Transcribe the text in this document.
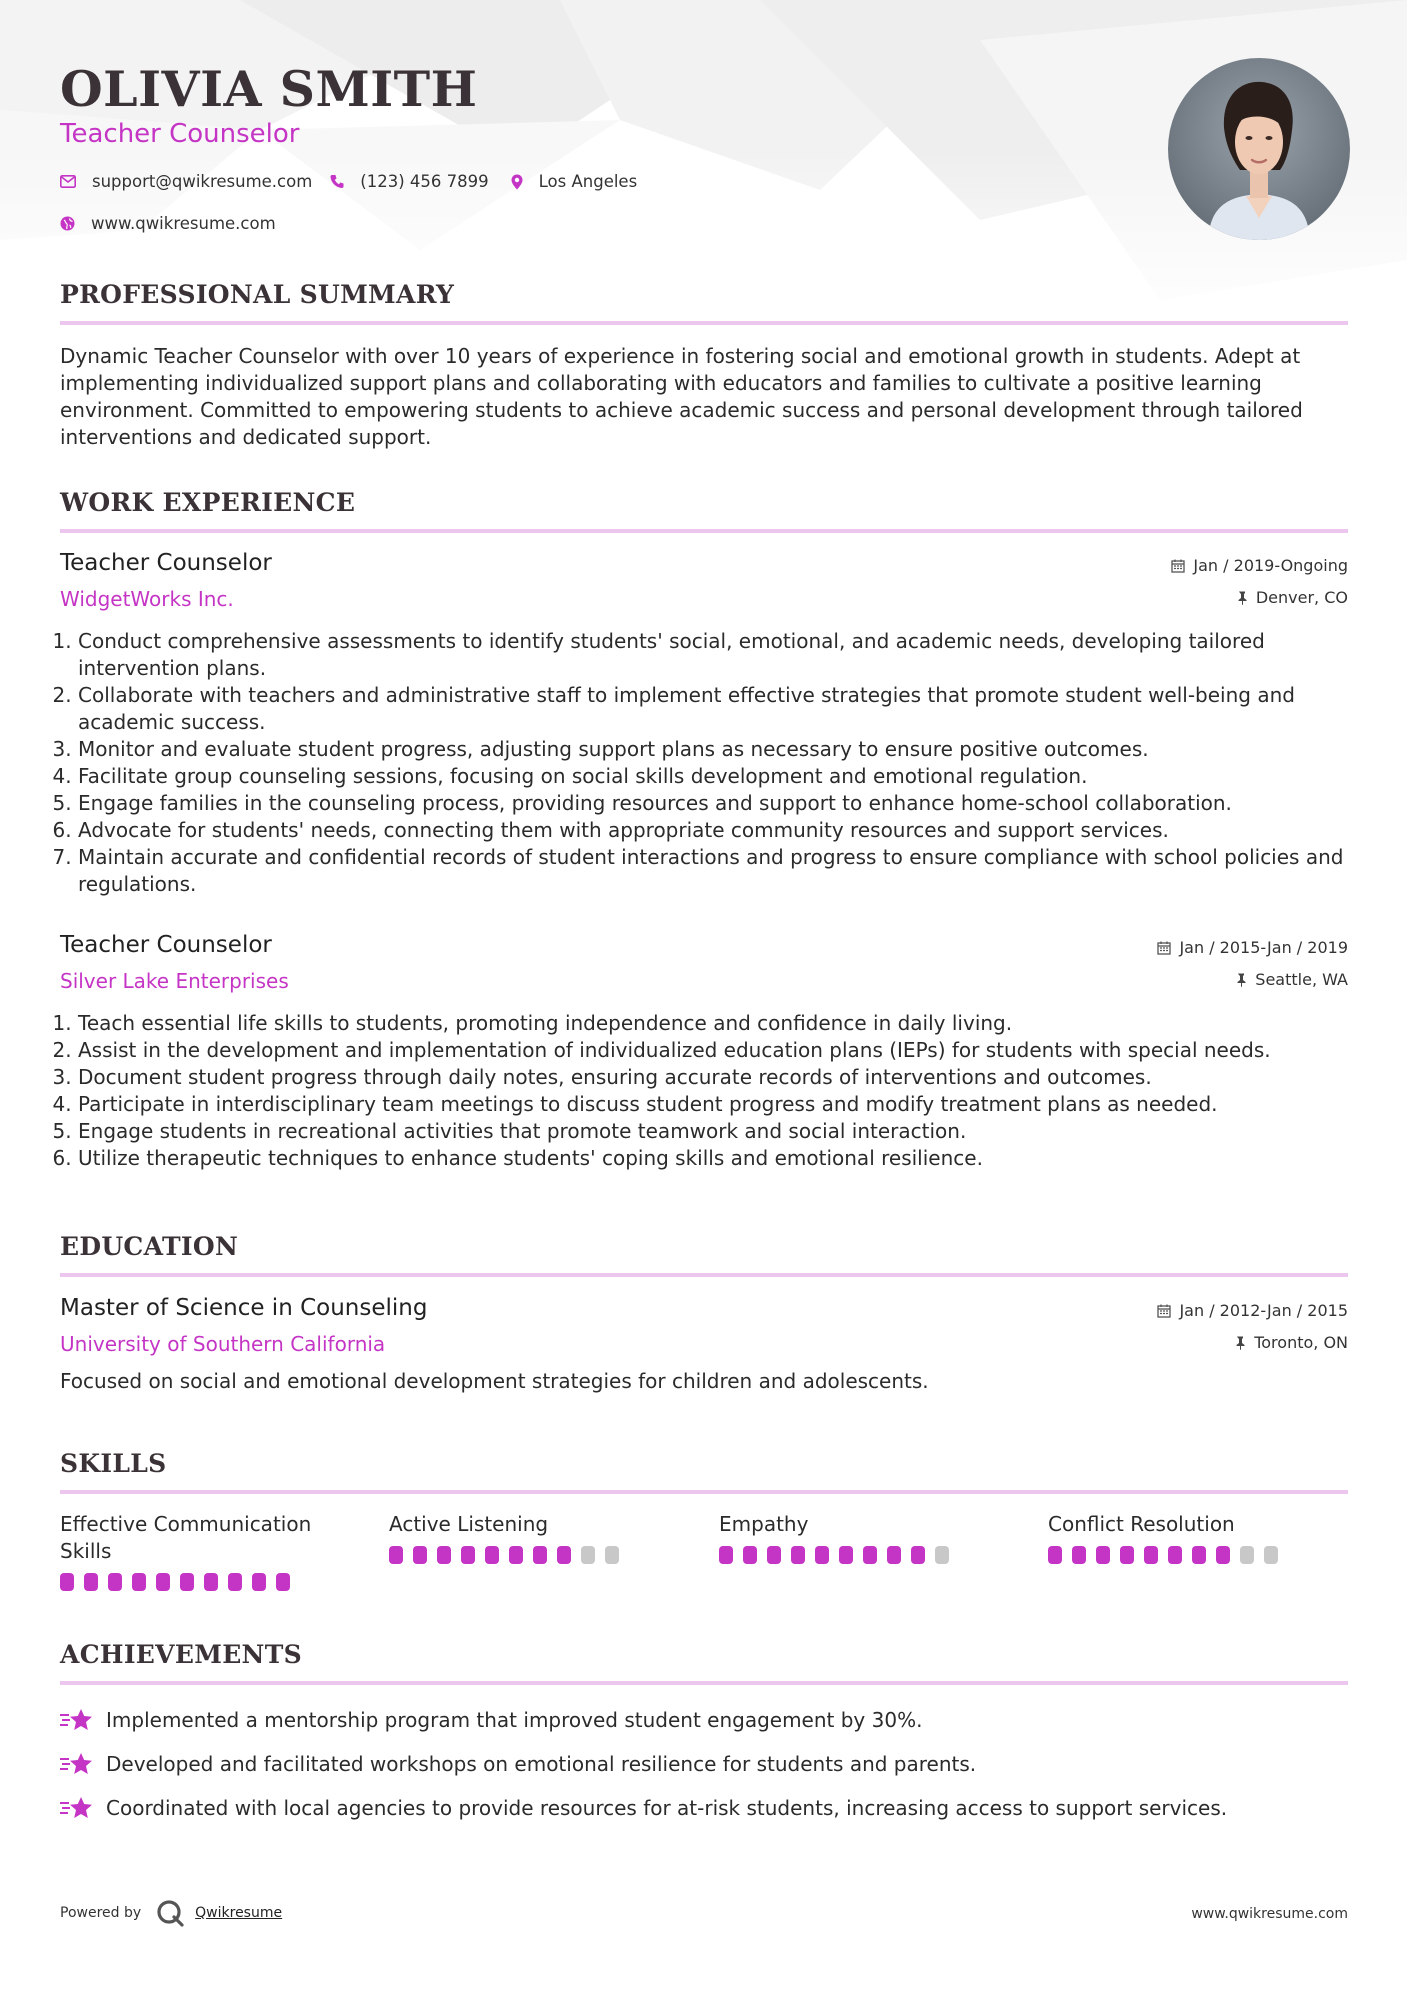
OLIVIA SMITH
Teacher Counselor
support@qwikresume.com	(123) 456 7899	Los Angeles
www.qwikresume.com
PROFESSIONAL SUMMARY

Dynamic Teacher Counselor with over 10 years of experience in fostering social and emotional growth in students. Adept at implementing individualized support plans and collaborating with educators and families to cultivate a positive learning environment. Committed to empowering students to achieve academic success and personal development through tailored interventions and dedicated support.

WORK EXPERIENCE
Teacher Counselor
WidgetWorks Inc.
Jan / 2019-Ongoing
Denver, CO
1. Conduct comprehensive assessments to identify students' social, emotional, and academic needs, developing tailored intervention plans.
2. Collaborate with teachers and administrative staff to implement effective strategies that promote student well-being and academic success.
3. Monitor and evaluate student progress, adjusting support plans as necessary to ensure positive outcomes.
4. Facilitate group counseling sessions, focusing on social skills development and emotional regulation.
5. Engage families in the counseling process, providing resources and support to enhance home-school collaboration.
6. Advocate for students' needs, connecting them with appropriate community resources and support services.
7. Maintain accurate and confidential records of student interactions and progress to ensure compliance with school policies and regulations.
Teacher Counselor
Silver Lake Enterprises
Jan / 2015-Jan / 2019
Seattle, WA
1. Teach essential life skills to students, promoting independence and confidence in daily living.
2. Assist in the development and implementation of individualized education plans (IEPs) for students with special needs.
3. Document student progress through daily notes, ensuring accurate records of interventions and outcomes.
4. Participate in interdisciplinary team meetings to discuss student progress and modify treatment plans as needed.
5. Engage students in recreational activities that promote teamwork and social interaction.
6. Utilize therapeutic techniques to enhance students' coping skills and emotional resilience.
EDUCATION
Master of Science in Counseling
University of Southern California
Jan / 2012-Jan / 2015
Toronto, ON
Focused on social and emotional development strategies for children and adolescents.
SKILLS
Effective Communication Skills
Active Listening	Empathy	Conflict Resolution
ACHIEVEMENTS
Implemented a mentorship program that improved student engagement by 30%.
Developed and facilitated workshops on emotional resilience for students and parents.
Coordinated with local agencies to provide resources for at-risk students, increasing access to support services.
Powered by	Qwikresume	www.qwikresume.com
